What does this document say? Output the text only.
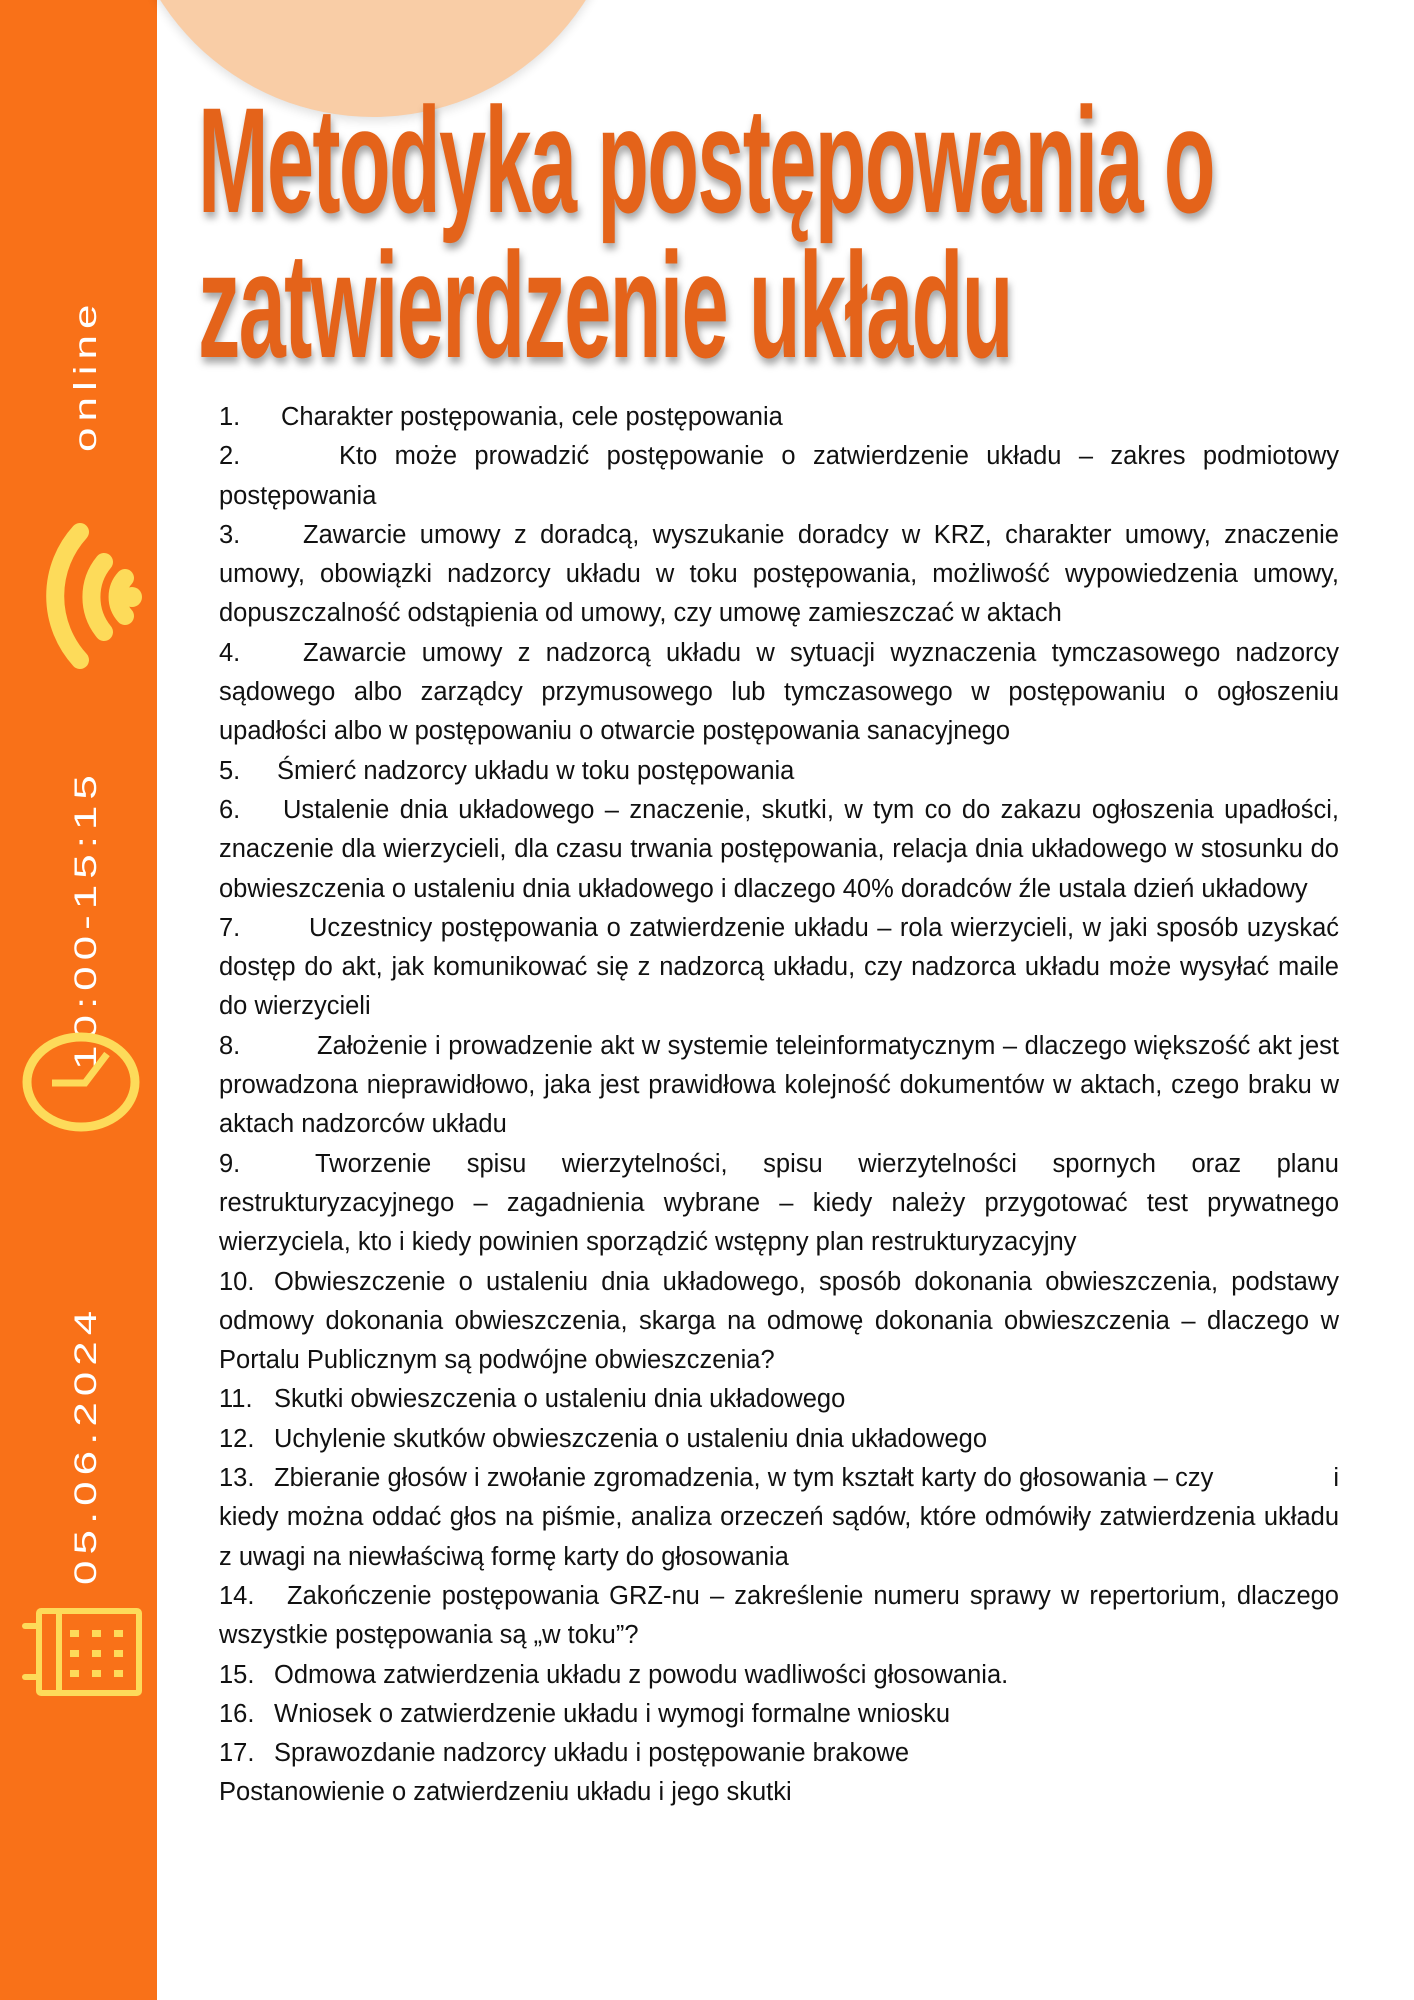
online
10:00-15:15
05.06.2024
Metodyka postępowania o
zatwierdzenie układu

1. Charakter postępowania, cele postępowania

2.	Kto może prowadzić postępowanie o zatwierdzenie układu – zakres podmiotowy postępowania

3. Zawarcie umowy z doradcą, wyszukanie doradcy w KRZ, charakter umowy, znaczenie umowy, obowiązki nadzorcy układu w toku postępowania, możliwość wypowiedzenia umowy, dopuszczalność odstąpienia od umowy, czy umowę zamieszczać w aktach

4. Zawarcie umowy z nadzorcą układu w sytuacji wyznaczenia tymczasowego nadzorcy sądowego albo zarządcy przymusowego lub tymczasowego w postępowaniu o ogłoszeniu upadłości albo w postępowaniu o otwarcie postępowania sanacyjnego

5. Śmierć nadzorcy układu w toku postępowania

6. Ustalenie dnia układowego – znaczenie, skutki, w tym co do zakazu ogłoszenia upadłości, znaczenie dla wierzycieli, dla czasu trwania postępowania, relacja dnia układowego w stosunku do obwieszczenia o ustaleniu dnia układowego i dlaczego 40% doradców źle ustala dzień układowy

7.	Uczestnicy postępowania o zatwierdzenie układu – rola wierzycieli, w jaki sposób uzyskać dostęp do akt, jak komunikować się z nadzorcą układu, czy nadzorca układu może wysyłać maile do wierzycieli

8.	Założenie i prowadzenie akt w systemie teleinformatycznym – dlaczego większość akt jest prowadzona nieprawidłowo, jaka jest prawidłowa kolejność dokumentów w aktach, czego braku w aktach nadzorców układu

9.	Tworzenie spisu wierzytelności, spisu wierzytelności spornych oraz planu restrukturyzacyjnego – zagadnienia wybrane – kiedy należy przygotować test prywatnego wierzyciela, kto i kiedy powinien sporządzić wstępny plan restrukturyzacyjny

10. Obwieszczenie o ustaleniu dnia układowego, sposób dokonania obwieszczenia, podstawy odmowy dokonania obwieszczenia, skarga na odmowę dokonania obwieszczenia – dlaczego w Portalu Publicznym są podwójne obwieszczenia?

11. Skutki obwieszczenia o ustaleniu dnia układowego

12. Uchylenie skutków obwieszczenia o ustaleniu dnia układowego

13. Zbieranie głosów i zwołanie zgromadzenia, w tym kształt karty do głosowania – czy	i kiedy można oddać głos na piśmie, analiza orzeczeń sądów, które odmówiły zatwierdzenia układu z uwagi na niewłaściwą formę karty do głosowania

14. Zakończenie postępowania GRZ-nu – zakreślenie numeru sprawy w repertorium, dlaczego wszystkie postępowania są „w toku”?

15. Odmowa zatwierdzenia układu z powodu wadliwości głosowania.

16. Wniosek o zatwierdzenie układu i wymogi formalne wniosku

17. Sprawozdanie nadzorcy układu i postępowanie brakowe

Postanowienie o zatwierdzeniu układu i jego skutki
